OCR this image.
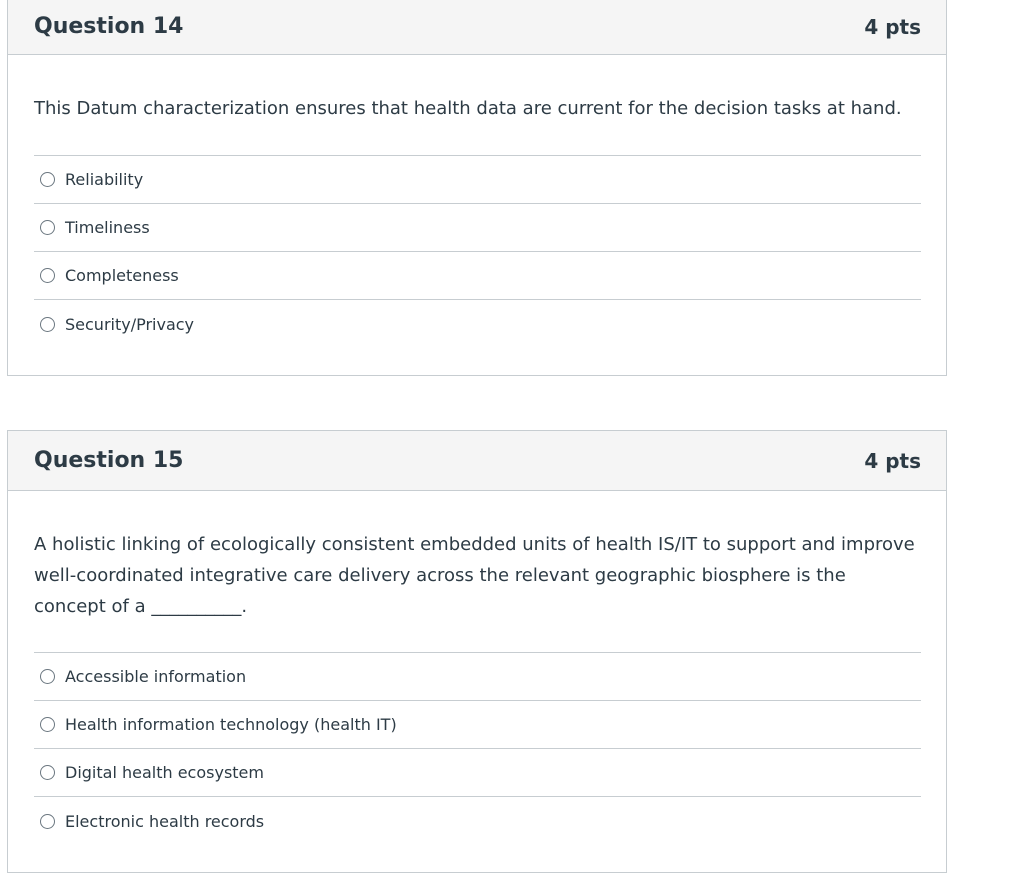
Question 14	4 pts

This Datum characterization ensures that health data are current for the decision tasks at hand.

Reliability
Timeliness
Completeness
Security/Privacy
Question 15	4 pts

A holistic linking of ecologically consistent embedded units of health IS/IT to support and improve well-coordinated integrative care delivery across the relevant geographic biosphere is the concept of a __________.

Accessible information
Health information technology (health IT)
Digital health ecosystem
Electronic health records
